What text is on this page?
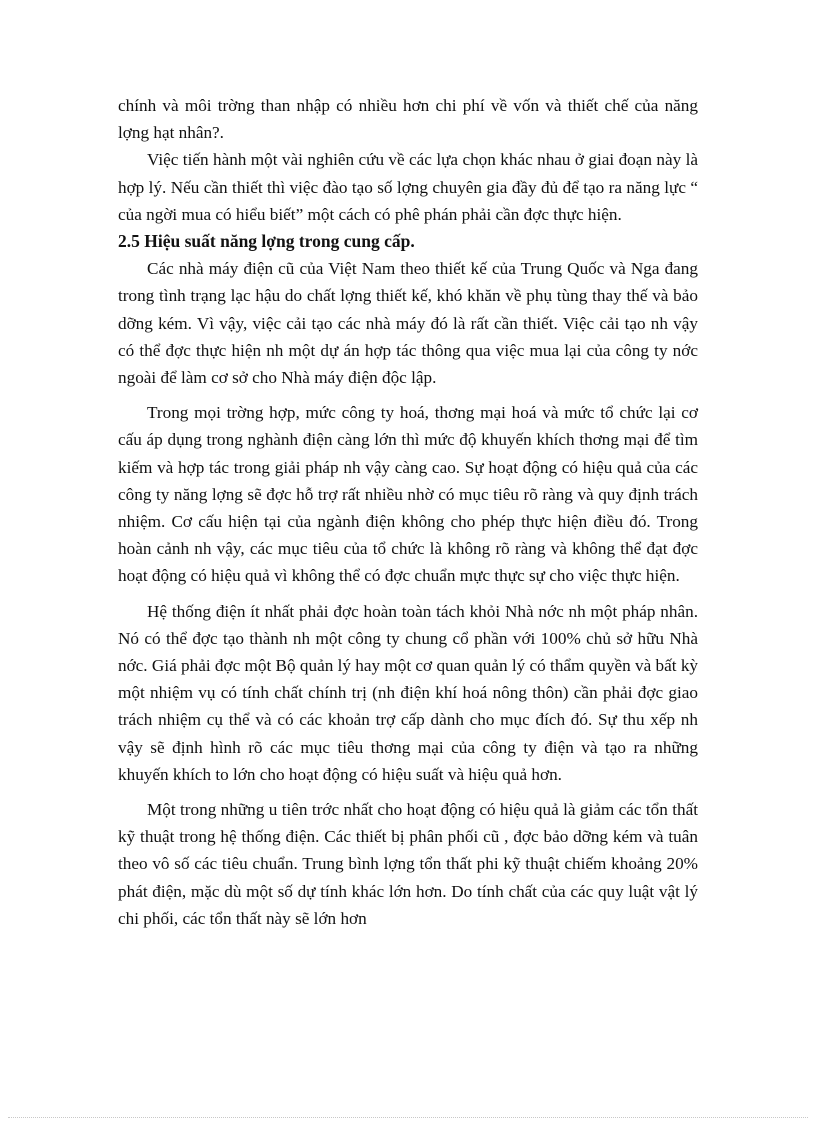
chính và môi trờng than nhập có nhiều hơn chi phí về vốn và thiết chế của năng lợng hạt nhân?.

Việc tiến hành một vài nghiên cứu về các lựa chọn khác nhau ở giai đoạn này là hợp lý. Nếu cần thiết thì việc đào tạo số lợng chuyên gia đầy đủ để tạo ra năng lực “ của ngời mua có hiểu biết” một cách có phê phán phải cần đợc thực hiện.

2.5 Hiệu suất năng lợng trong cung cấp.

Các nhà máy điện cũ của Việt Nam theo thiết kế của Trung Quốc và Nga đang trong tình trạng lạc hậu do chất lợng thiết kế, khó khăn về phụ tùng thay thế và bảo dỡng kém. Vì vậy, việc cải tạo các nhà máy đó là rất cần thiết. Việc cải tạo nh vậy có thể đợc thực hiện nh một dự án hợp tác thông qua việc mua lại của công ty nớc ngoài để làm cơ sở cho Nhà máy điện độc lập.

Trong mọi trờng hợp, mức công ty hoá, thơng mại hoá và mức tổ chức lại cơ cấu áp dụng trong nghành điện càng lớn thì mức độ khuyến khích thơng mại để tìm kiếm và hợp tác trong giải pháp nh vậy càng cao. Sự hoạt động có hiệu quả của các công ty năng lợng sẽ đợc hỗ trợ rất nhiều nhờ có mục tiêu rõ ràng và quy định trách nhiệm. Cơ cấu hiện tại của ngành điện không cho phép thực hiện điều đó. Trong hoàn cảnh nh vậy, các mục tiêu của tổ chức là không rõ ràng và không thể đạt đợc hoạt động có hiệu quả vì không thể có đợc chuẩn mực thực sự cho việc thực hiện.

Hệ thống điện ít nhất phải đợc hoàn toàn tách khỏi Nhà nớc nh một pháp nhân. Nó có thể đợc tạo thành nh một công ty chung cổ phần với 100% chủ sở hữu Nhà nớc. Giá phải đợc một Bộ quản lý hay một cơ quan quản lý có thẩm quyền và bất kỳ một nhiệm vụ có tính chất chính trị (nh điện khí hoá nông thôn) cần phải đợc giao trách nhiệm cụ thể và có các khoản trợ cấp dành cho mục đích đó. Sự thu xếp nh vậy sẽ định hình rõ các mục tiêu thơng mại của công ty điện và tạo ra những khuyến khích to lớn cho hoạt động có hiệu suất và hiệu quả hơn.

Một trong những u tiên trớc nhất cho hoạt động có hiệu quả là giảm các tổn thất kỹ thuật trong hệ thống điện. Các thiết bị phân phối cũ , đợc bảo dỡng kém và tuân theo vô số các tiêu chuẩn. Trung bình lợng tổn thất phi kỹ thuật chiếm khoảng 20% phát điện, mặc dù một số dự tính khác lớn hơn. Do tính chất của các quy luật vật lý chi phối, các tổn thất này sẽ lớn hơn
